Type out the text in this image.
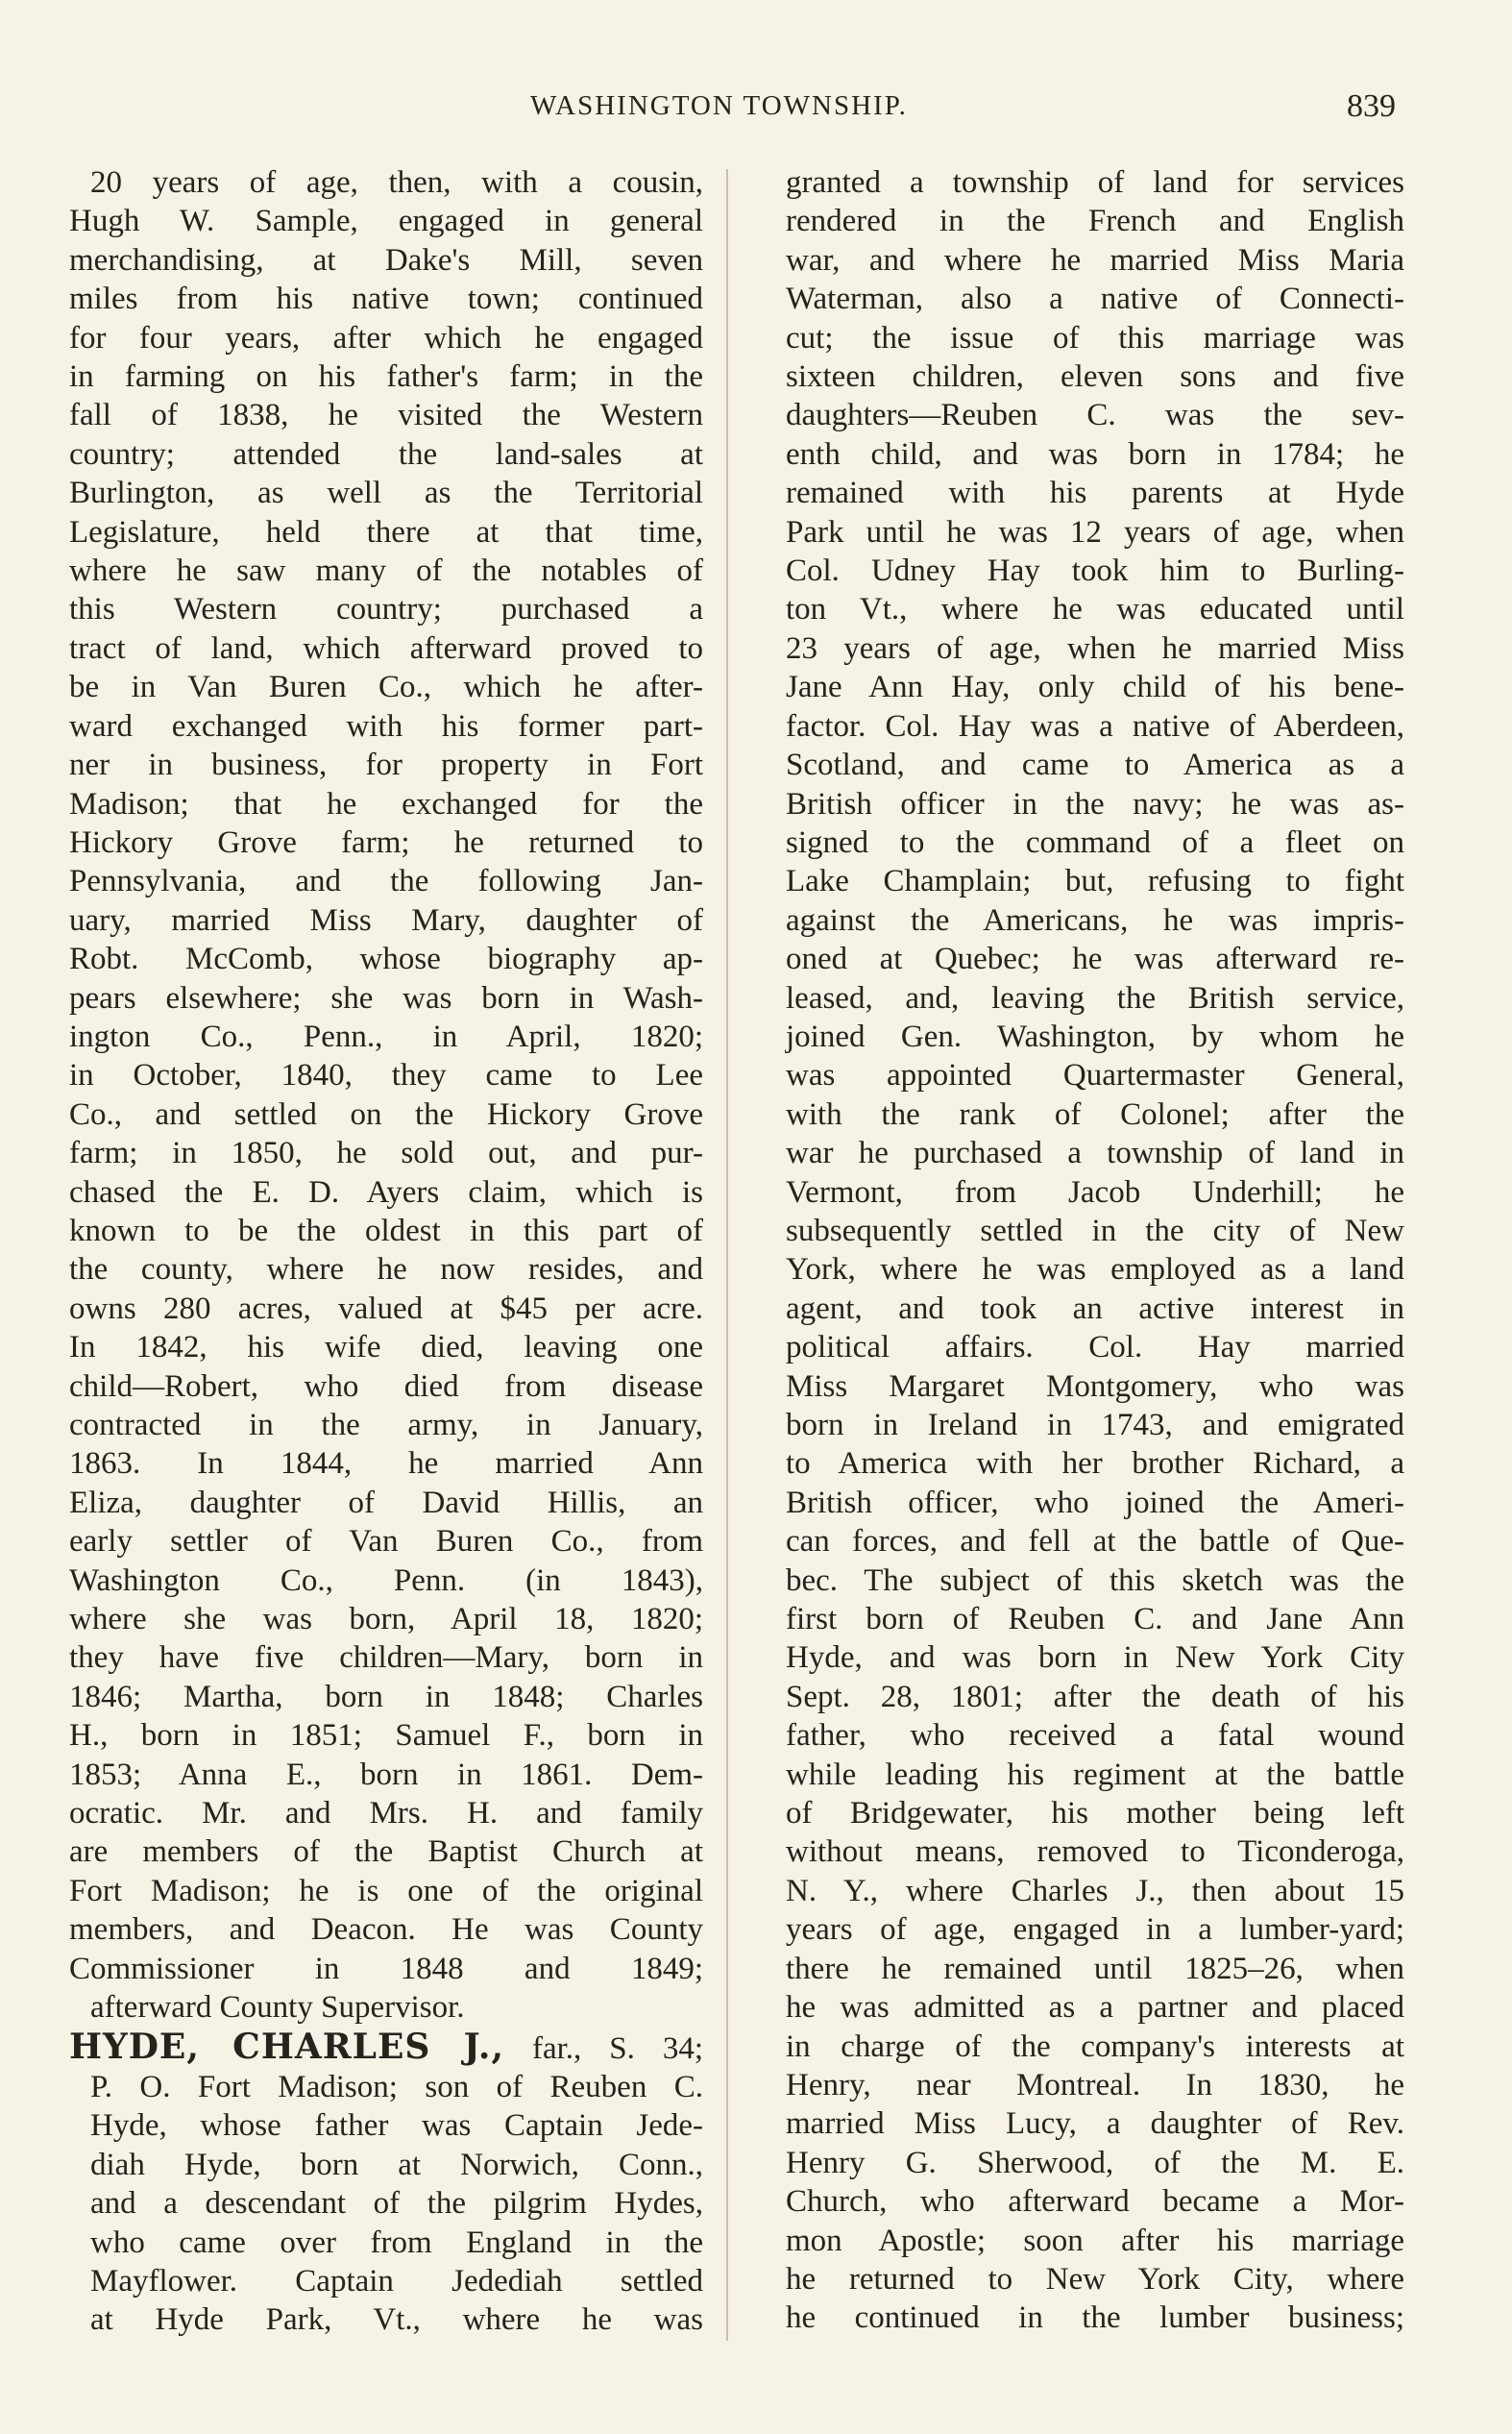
WASHINGTON TOWNSHIP.	839
20 years of age, then, with a cousin,
Hugh W. Sample, engaged in general
merchandising, at Dake's Mill, seven
miles from his native town; continued
for four years, after which he engaged
in farming on his father's farm; in the
fall of 1838, he visited the Western
country; attended the land-sales at
Burlington, as well as the Territorial
Legislature, held there at that time,
where he saw many of the notables of
this Western country; purchased a
tract of land, which afterward proved to
be in Van Buren Co., which he after-
ward exchanged with his former part-
ner in business, for property in Fort
Madison; that he exchanged for the
Hickory Grove farm; he returned to
Pennsylvania, and the following Jan-
uary, married Miss Mary, daughter of
Robt. McComb, whose biography ap-
pears elsewhere; she was born in Wash-
ington Co., Penn., in April, 1820;
in October, 1840, they came to Lee
Co., and settled on the Hickory Grove
farm; in 1850, he sold out, and pur-
chased the E. D. Ayers claim, which is
known to be the oldest in this part of
the county, where he now resides, and
owns 280 acres, valued at $45 per acre.
In 1842, his wife died, leaving one
child—Robert, who died from disease
contracted in the army, in January,
1863. In 1844, he married Ann
Eliza, daughter of David Hillis, an
early settler of Van Buren Co., from
Washington Co., Penn. (in 1843),
where she was born, April 18, 1820;
they have five children—Mary, born in
1846; Martha, born in 1848; Charles
H., born in 1851; Samuel F., born in
1853; Anna E., born in 1861. Dem-
ocratic. Mr. and Mrs. H. and family
are members of the Baptist Church at
Fort Madison; he is one of the original
members, and Deacon. He was County
Commissioner in 1848 and 1849;
afterward County Supervisor.
HYDE, CHARLES J., far., S. 34;
P. O. Fort Madison; son of Reuben C.
Hyde, whose father was Captain Jede-
diah Hyde, born at Norwich, Conn.,
and a descendant of the pilgrim Hydes,
who came over from England in the
Mayflower. Captain Jedediah settled
at Hyde Park, Vt., where he was
granted a township of land for services
rendered in the French and English
war, and where he married Miss Maria
Waterman, also a native of Connecti-
cut; the issue of this marriage was
sixteen children, eleven sons and five
daughters—Reuben C. was the sev-
enth child, and was born in 1784; he
remained with his parents at Hyde
Park until he was 12 years of age, when
Col. Udney Hay took him to Burling-
ton Vt., where he was educated until
23 years of age, when he married Miss
Jane Ann Hay, only child of his bene-
factor. Col. Hay was a native of Aberdeen,
Scotland, and came to America as a
British officer in the navy; he was as-
signed to the command of a fleet on
Lake Champlain; but, refusing to fight
against the Americans, he was impris-
oned at Quebec; he was afterward re-
leased, and, leaving the British service,
joined Gen. Washington, by whom he
was appointed Quartermaster General,
with the rank of Colonel; after the
war he purchased a township of land in
Vermont, from Jacob Underhill; he
subsequently settled in the city of New
York, where he was employed as a land
agent, and took an active interest in
political affairs. Col. Hay married
Miss Margaret Montgomery, who was
born in Ireland in 1743, and emigrated
to America with her brother Richard, a
British officer, who joined the Ameri-
can forces, and fell at the battle of Que-
bec. The subject of this sketch was the
first born of Reuben C. and Jane Ann
Hyde, and was born in New York City
Sept. 28, 1801; after the death of his
father, who received a fatal wound
while leading his regiment at the battle
of Bridgewater, his mother being left
without means, removed to Ticonderoga,
N. Y., where Charles J., then about 15
years of age, engaged in a lumber-yard;
there he remained until 1825–26, when
he was admitted as a partner and placed
in charge of the company's interests at
Henry, near Montreal. In 1830, he
married Miss Lucy, a daughter of Rev.
Henry G. Sherwood, of the M. E.
Church, who afterward became a Mor-
mon Apostle; soon after his marriage
he returned to New York City, where
he continued in the lumber business;
